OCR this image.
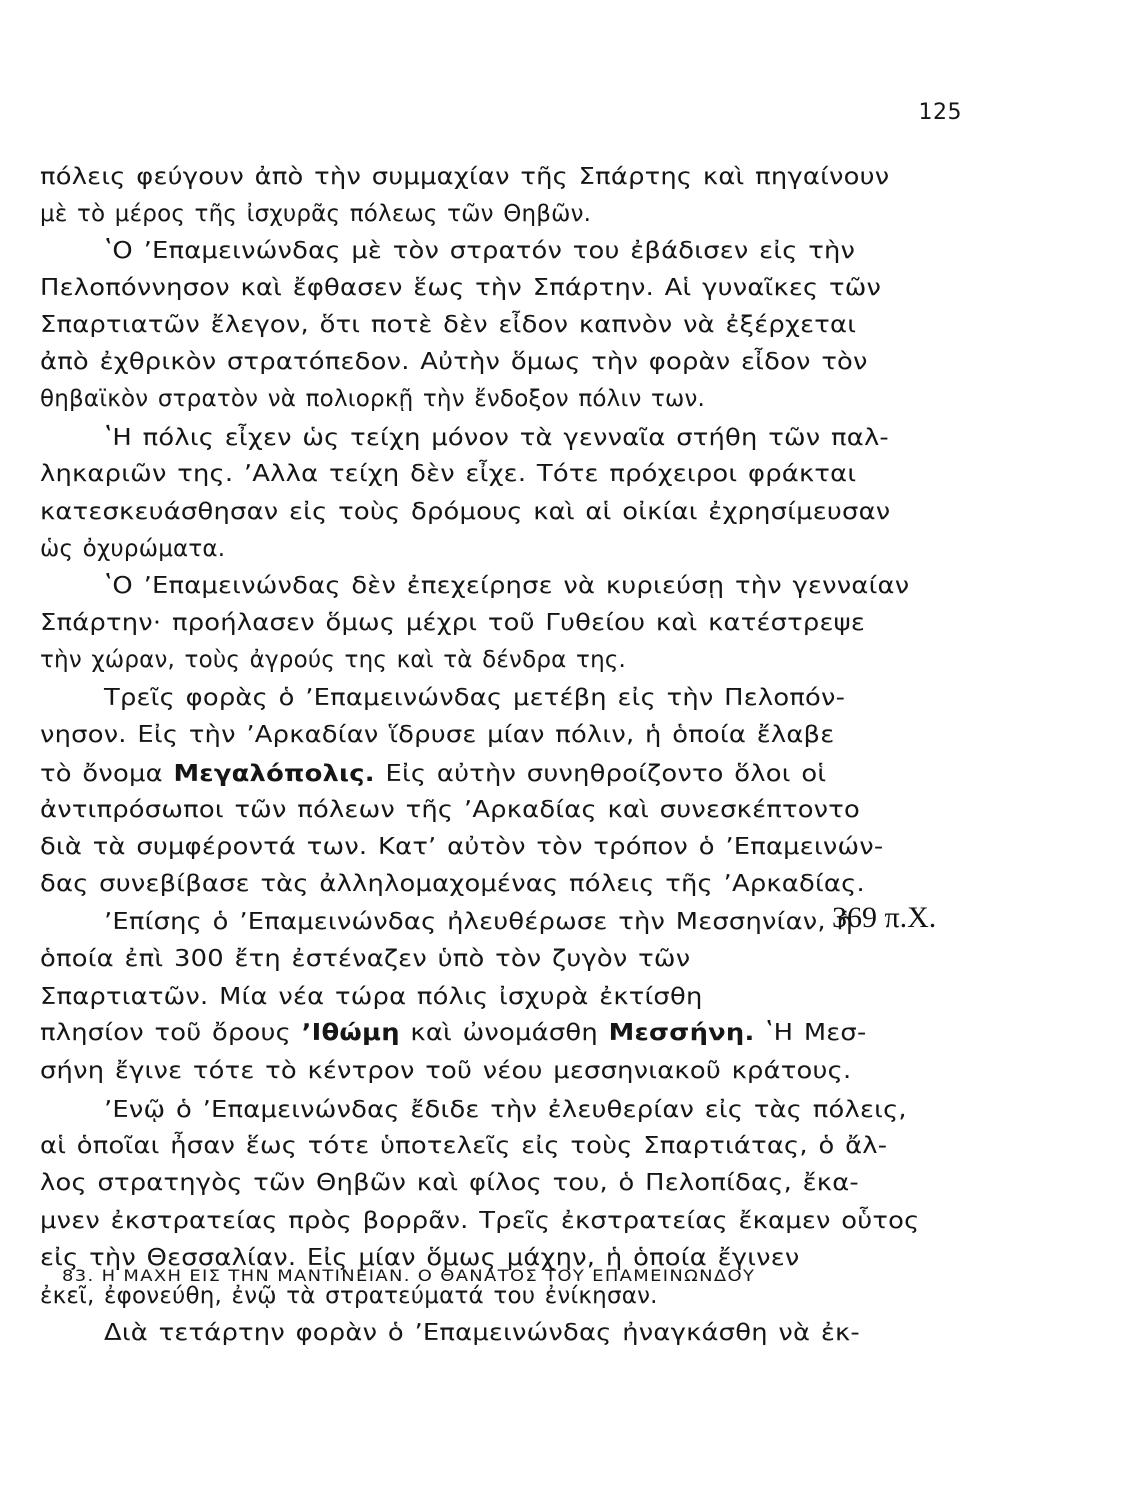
125
πόλεις φεύγουν ἀπὸ τὴν συμμαχίαν τῆς Σπάρτης καὶ πηγαίνουν
μὲ τὸ μέρος τῆς ἰσχυρᾶς πόλεως τῶν Θηβῶν.
ʽΟ ʼΕπαμεινώνδας μὲ τὸν στρατόν του ἐβάδισεν εἰς τὴν
Πελοπόννησον καὶ ἔφθασεν ἕως τὴν Σπάρτην. Αἱ γυναῖκες τῶν
Σπαρτιατῶν ἔλεγον, ὅτι ποτὲ δὲν εἶδον καπνὸν νὰ ἐξέρχεται
ἀπὸ ἐχθρικὸν στρατόπεδον. Αὐτὴν ὅμως τὴν φορὰν εἶδον τὸν
θηβαϊκὸν στρατὸν νὰ πολιορκῇ τὴν ἔνδοξον πόλιν των.
ʽΗ πόλις εἶχεν ὡς τείχη μόνον τὰ γενναῖα στήθη τῶν παλ-
ληκαριῶν της. ʼΑλλα τείχη δὲν εἶχε. Τότε πρόχειροι φράκται
κατεσκευάσθησαν εἰς τοὺς δρόμους καὶ αἱ οἰκίαι ἐχρησίμευσαν
ὡς ὀχυρώματα.
ʽΟ ʼΕπαμεινώνδας δὲν ἐπεχείρησε νὰ κυριεύσῃ τὴν γενναίαν
Σπάρτην· προήλασεν ὅμως μέχρι τοῦ Γυθείου καὶ κατέστρεψε
τὴν χώραν, τοὺς ἀγρούς της καὶ τὰ δένδρα της.
Τρεῖς φορὰς ὁ ʼΕπαμεινώνδας μετέβη εἰς τὴν Πελοπόν-
νησον. Εἰς τὴν ʼΑρκαδίαν ἵδρυσε μίαν πόλιν, ἡ ὁποία ἔλαβε
τὸ ὄνομα Μεγαλόπολις. Εἰς αὐτὴν συνηθροίζοντο ὅλοι οἱ
ἀντιπρόσωποι τῶν πόλεων τῆς ʼΑρκαδίας καὶ συνεσκέπτοντο
διὰ τὰ συμφέροντά των. Κατʼ αὐτὸν τὸν τρόπον ὁ ʼΕπαμεινών-
δας συνεβίβασε τὰς ἀλληλομαχομένας πόλεις τῆς ʼΑρκαδίας.
ʼΕπίσης ὁ ʼΕπαμεινώνδας ἠλευθέρωσε τὴν Μεσσηνίαν, ἡ
ὁποία ἐπὶ 300 ἔτη ἐστέναζεν ὑπὸ τὸν ζυγὸν τῶν
Σπαρτιατῶν. Μία νέα τώρα πόλις ἰσχυρὰ ἐκτίσθη
πλησίον τοῦ ὄρους ʼΙθώμη καὶ ὠνομάσθη Μεσσήνη. ʽΗ Μεσ-
σήνη ἔγινε τότε τὸ κέντρον τοῦ νέου μεσσηνιακοῦ κράτους.
ʼΕνῷ ὁ ʼΕπαμεινώνδας ἔδιδε τὴν ἐλευθερίαν εἰς τὰς πόλεις,
αἱ ὁποῖαι ἦσαν ἕως τότε ὑποτελεῖς εἰς τοὺς Σπαρτιάτας, ὁ ἄλ-
λος στρατηγὸς τῶν Θηβῶν καὶ φίλος του, ὁ Πελοπίδας, ἔκα-
μνεν ἐκστρατείας πρὸς βορρᾶν. Τρεῖς ἐκστρατείας ἔκαμεν οὗτος
εἰς τὴν Θεσσαλίαν. Εἰς μίαν ὅμως μάχην, ἡ ὁποία ἔγινεν
ἐκεῖ, ἐφονεύθη, ἐνῷ τὰ στρατεύματά του ἐνίκησαν.
369 π.Χ.
83. Η ΜΑΧΗ ΕΙΣ ΤΗΝ ΜΑΝΤΙΝΕΙΑΝ. Ο ΘΑΝΑΤΟΣ ΤΟΥ ΕΠΑΜΕΙΝΩΝΔΟΥ
Διὰ τετάρτην φορὰν ὁ ʼΕπαμεινώνδας ἠναγκάσθη νὰ ἐκ-
